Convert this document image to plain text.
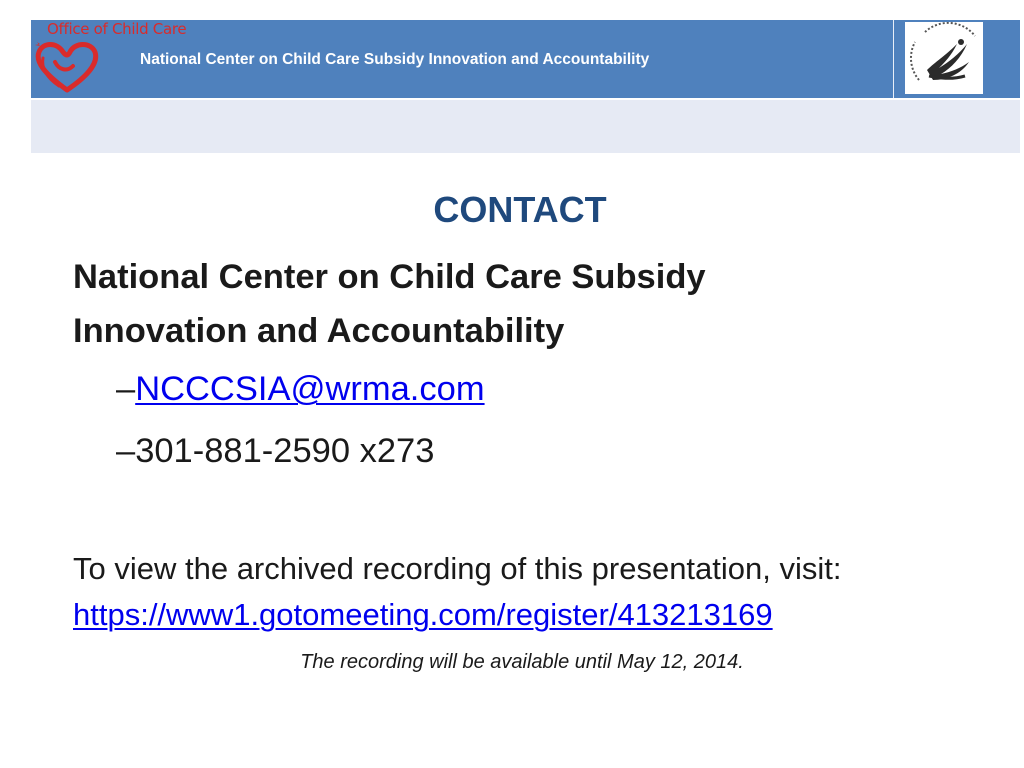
Office of Child Care
National Center on Child Care Subsidy Innovation and Accountability
CONTACT
National Center on Child Care Subsidy Innovation and Accountability
–NCCCSIA@wrma.com
–301-881-2590 x273
To view the archived recording of this presentation, visit:
https://www1.gotomeeting.com/register/413213169
The recording will be available until May 12, 2014.
